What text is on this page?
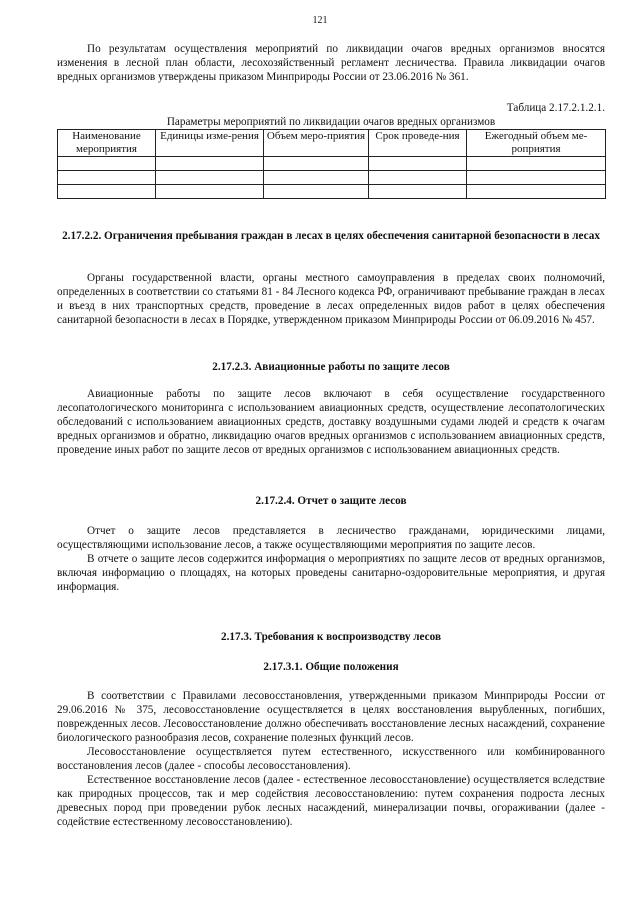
121

По результатам осуществления мероприятий по ликвидации очагов вредных организмов вносятся изменения в лесной план области, лесохозяйственный регламент лесничества. Правила ликвидации очагов вредных организмов утверждены приказом Минприроды России от 23.06.2016 № 361.

Таблица 2.17.2.1.2.1.
Параметры мероприятий по ликвидации очагов вредных организмов
Наименование мероприятия	Единицы изме-рения	Объем меро-приятия	Срок проведе-ния	Ежегодный объем ме-роприятия

2.17.2.2. Ограничения пребывания граждан в лесах в целях обеспечения санитарной безопасности в лесах

Органы государственной власти, органы местного самоуправления в пределах своих полномочий, определенных в соответствии со статьями 81 - 84 Лесного кодекса РФ, ограничивают пребывание граждан в лесах и въезд в них транспортных средств, проведение в лесах определенных видов работ в целях обеспечения санитарной безопасности в лесах в Порядке, утвержденном приказом Минприроды России от 06.09.2016 № 457.

2.17.2.3. Авиационные работы по защите лесов

Авиационные работы по защите лесов включают в себя осуществление государственного лесопатологического мониторинга с использованием авиационных средств, осуществление лесопатологических обследований с использованием авиационных средств, доставку воздушными судами людей и средств к очагам вредных организмов и обратно, ликвидацию очагов вредных организмов с использованием авиационных средств, проведение иных работ по защите лесов от вредных организмов с использованием авиационных средств.

2.17.2.4. Отчет о защите лесов

Отчет о защите лесов представляется в лесничество гражданами, юридическими лицами, осуществляющими использование лесов, а также осуществляющими мероприятия по защите лесов.

В отчете о защите лесов содержится информация о мероприятиях по защите лесов от вредных организмов, включая информацию о площадях, на которых проведены санитарно-оздоровительные мероприятия, и другая информация.

2.17.3. Требования к воспроизводству лесов
2.17.3.1. Общие положения

В соответствии с Правилами лесовосстановления, утвержденными приказом Минприроды России от 29.06.2016 № 375, лесовосстановление осуществляется в целях восстановления вырубленных, погибших, поврежденных лесов. Лесовосстановление должно обеспечивать восстановление лесных насаждений, сохранение биологического разнообразия лесов, сохранение полезных функций лесов.

Лесовосстановление осуществляется путем естественного, искусственного или комбинированного восстановления лесов (далее - способы лесовосстановления).

Естественное восстановление лесов (далее - естественное лесовосстановление) осуществляется вследствие как природных процессов, так и мер содействия лесовосстановлению: путем сохранения подроста лесных древесных пород при проведении рубок лесных насаждений, минерализации почвы, огораживании (далее - содействие естественному лесовосстановлению).
